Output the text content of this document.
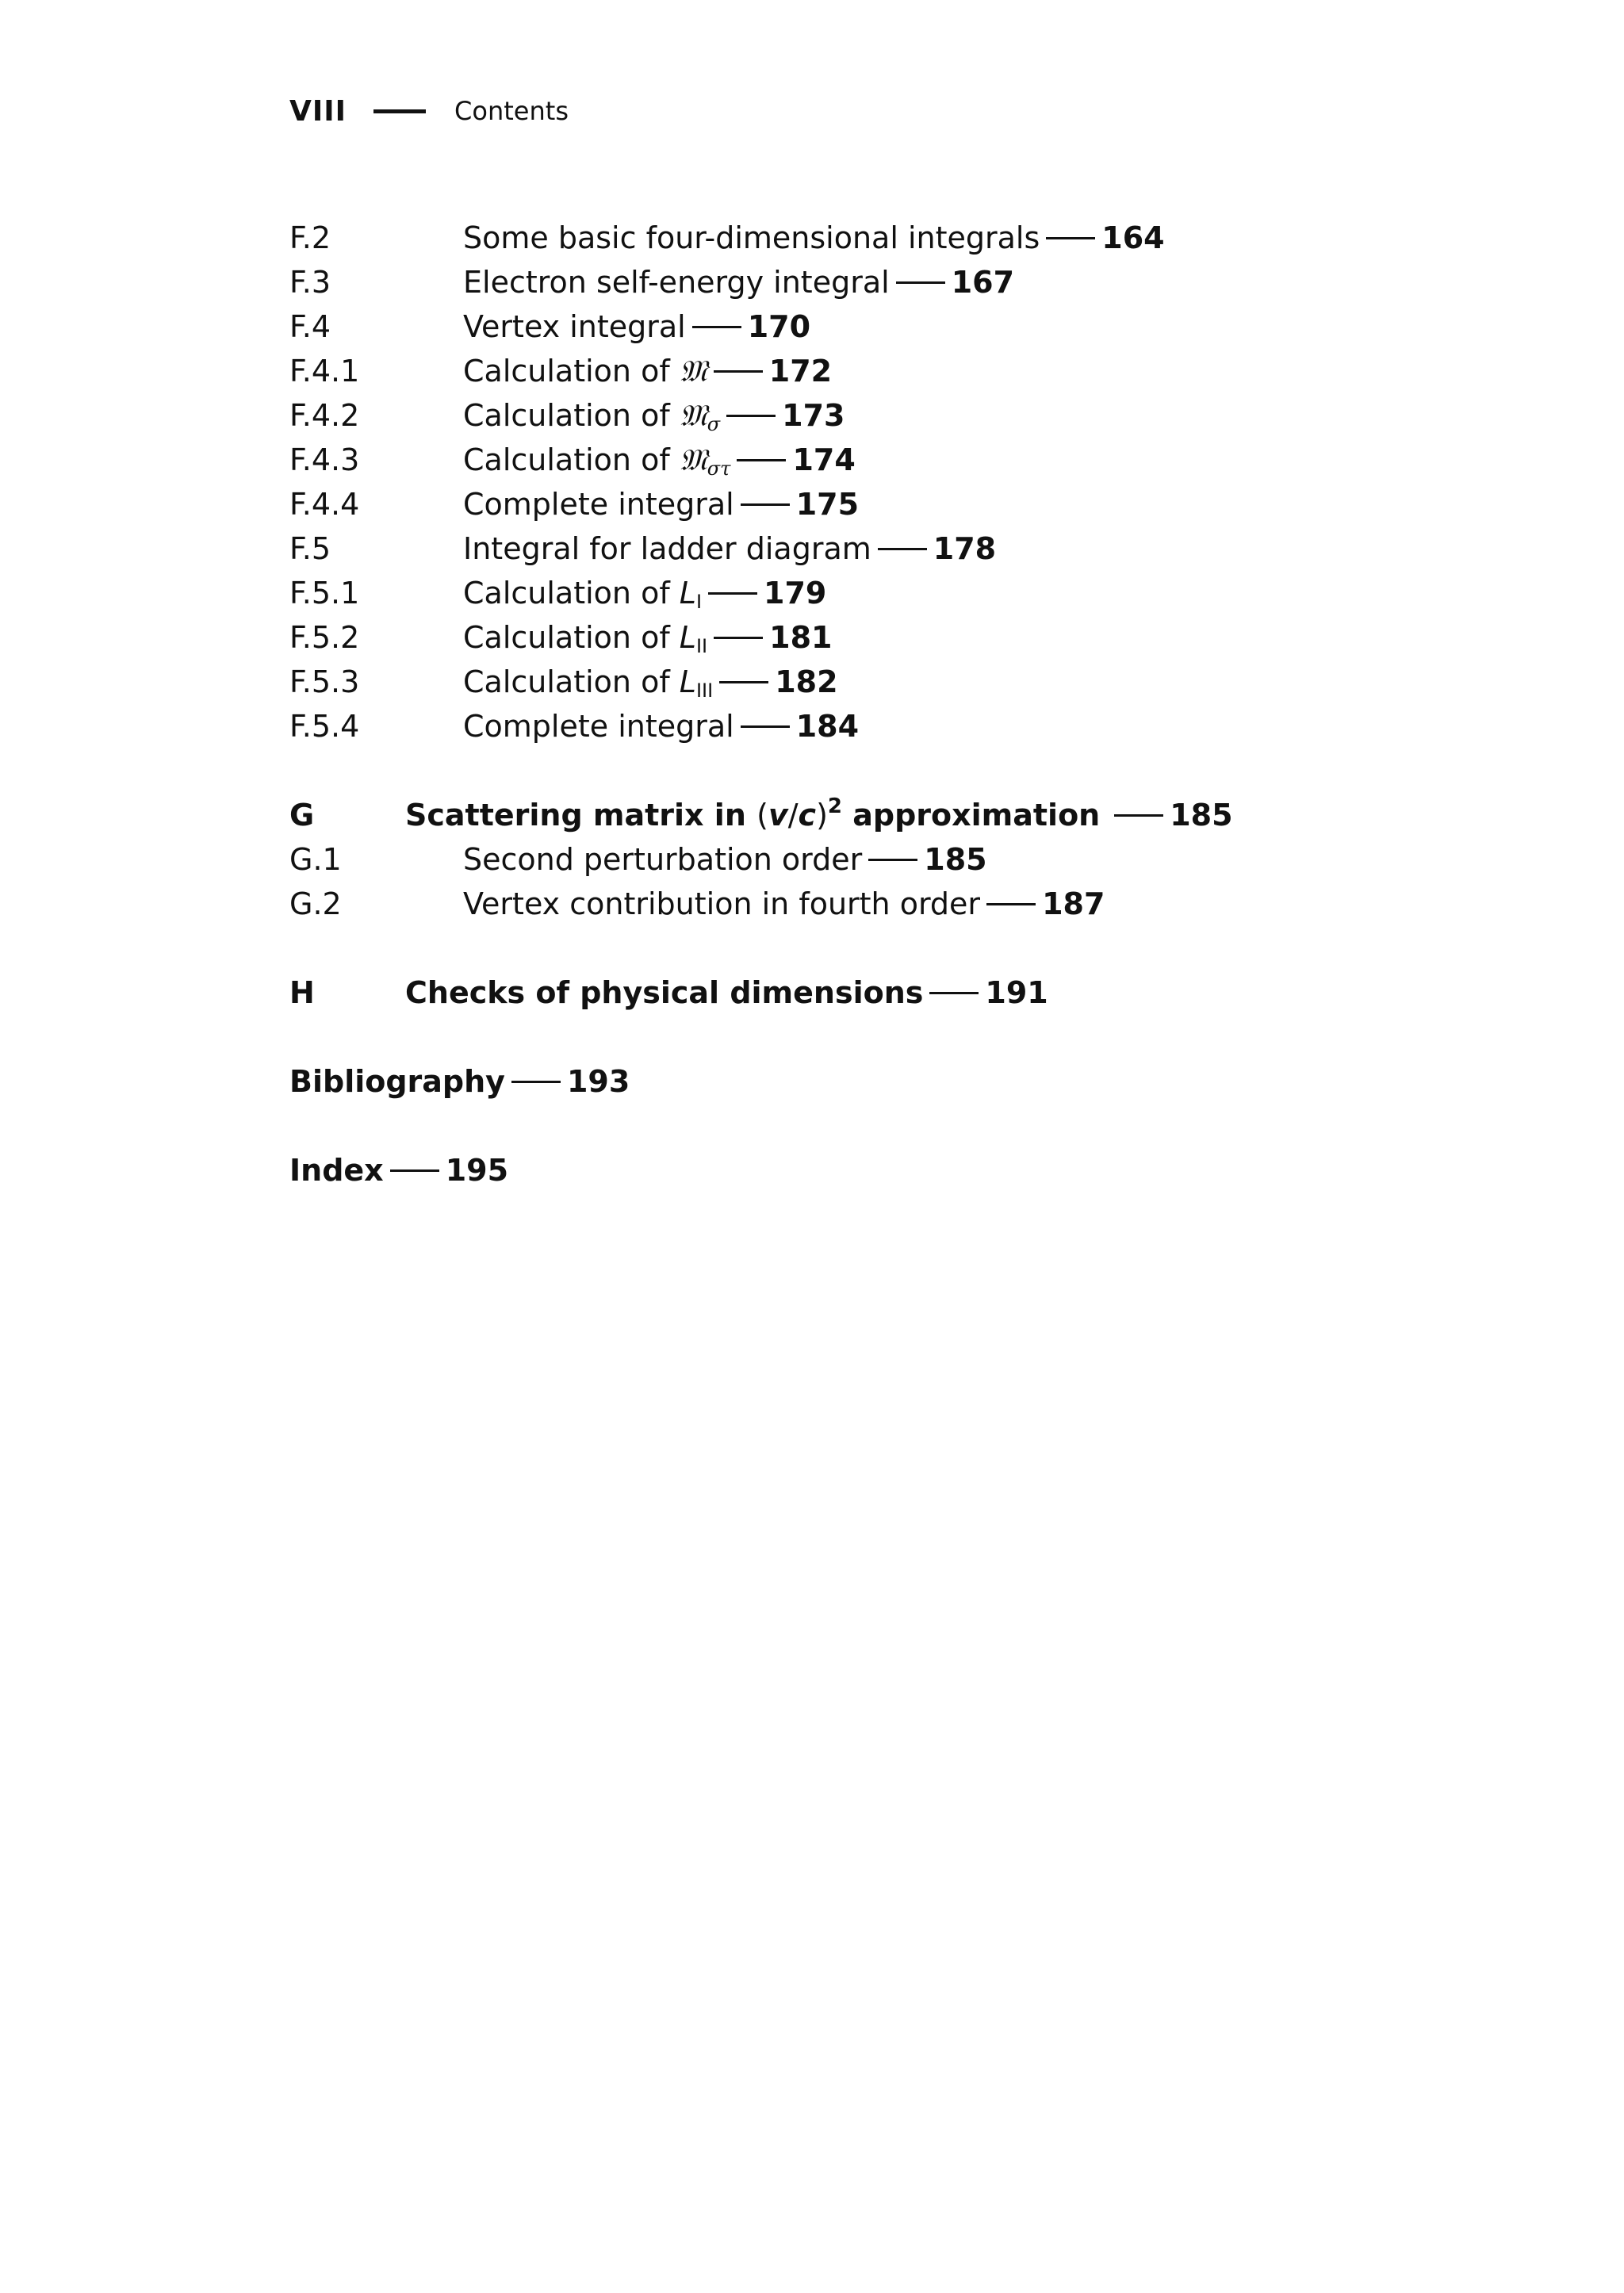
VIII	Contents
F.2	Some basic four-dimensional integrals 164
F.3	Electron self-energy integral 167
F.4	Vertex integral 170
F.4.1	Calculation of 𝔐 172
F.4.2	Calculation of 𝔐$_\sigma$ 173
F.4.3	Calculation of 𝔐$_{\sigma\tau}$ 174
F.4.4	Complete integral 175
F.5	Integral for ladder diagram 178
F.5.1	Calculation of $L_I$ 179
F.5.2	Calculation of $L_{II}$ 181
F.5.3	Calculation of $L_{III}$ 182
F.5.4	Complete integral 184
G	Scattering matrix in $(v/c)^2$ approximation 185
G.1	Second perturbation order 185
G.2	Vertex contribution in fourth order 187
H	Checks of physical dimensions 191
Bibliography 193
Index 195
